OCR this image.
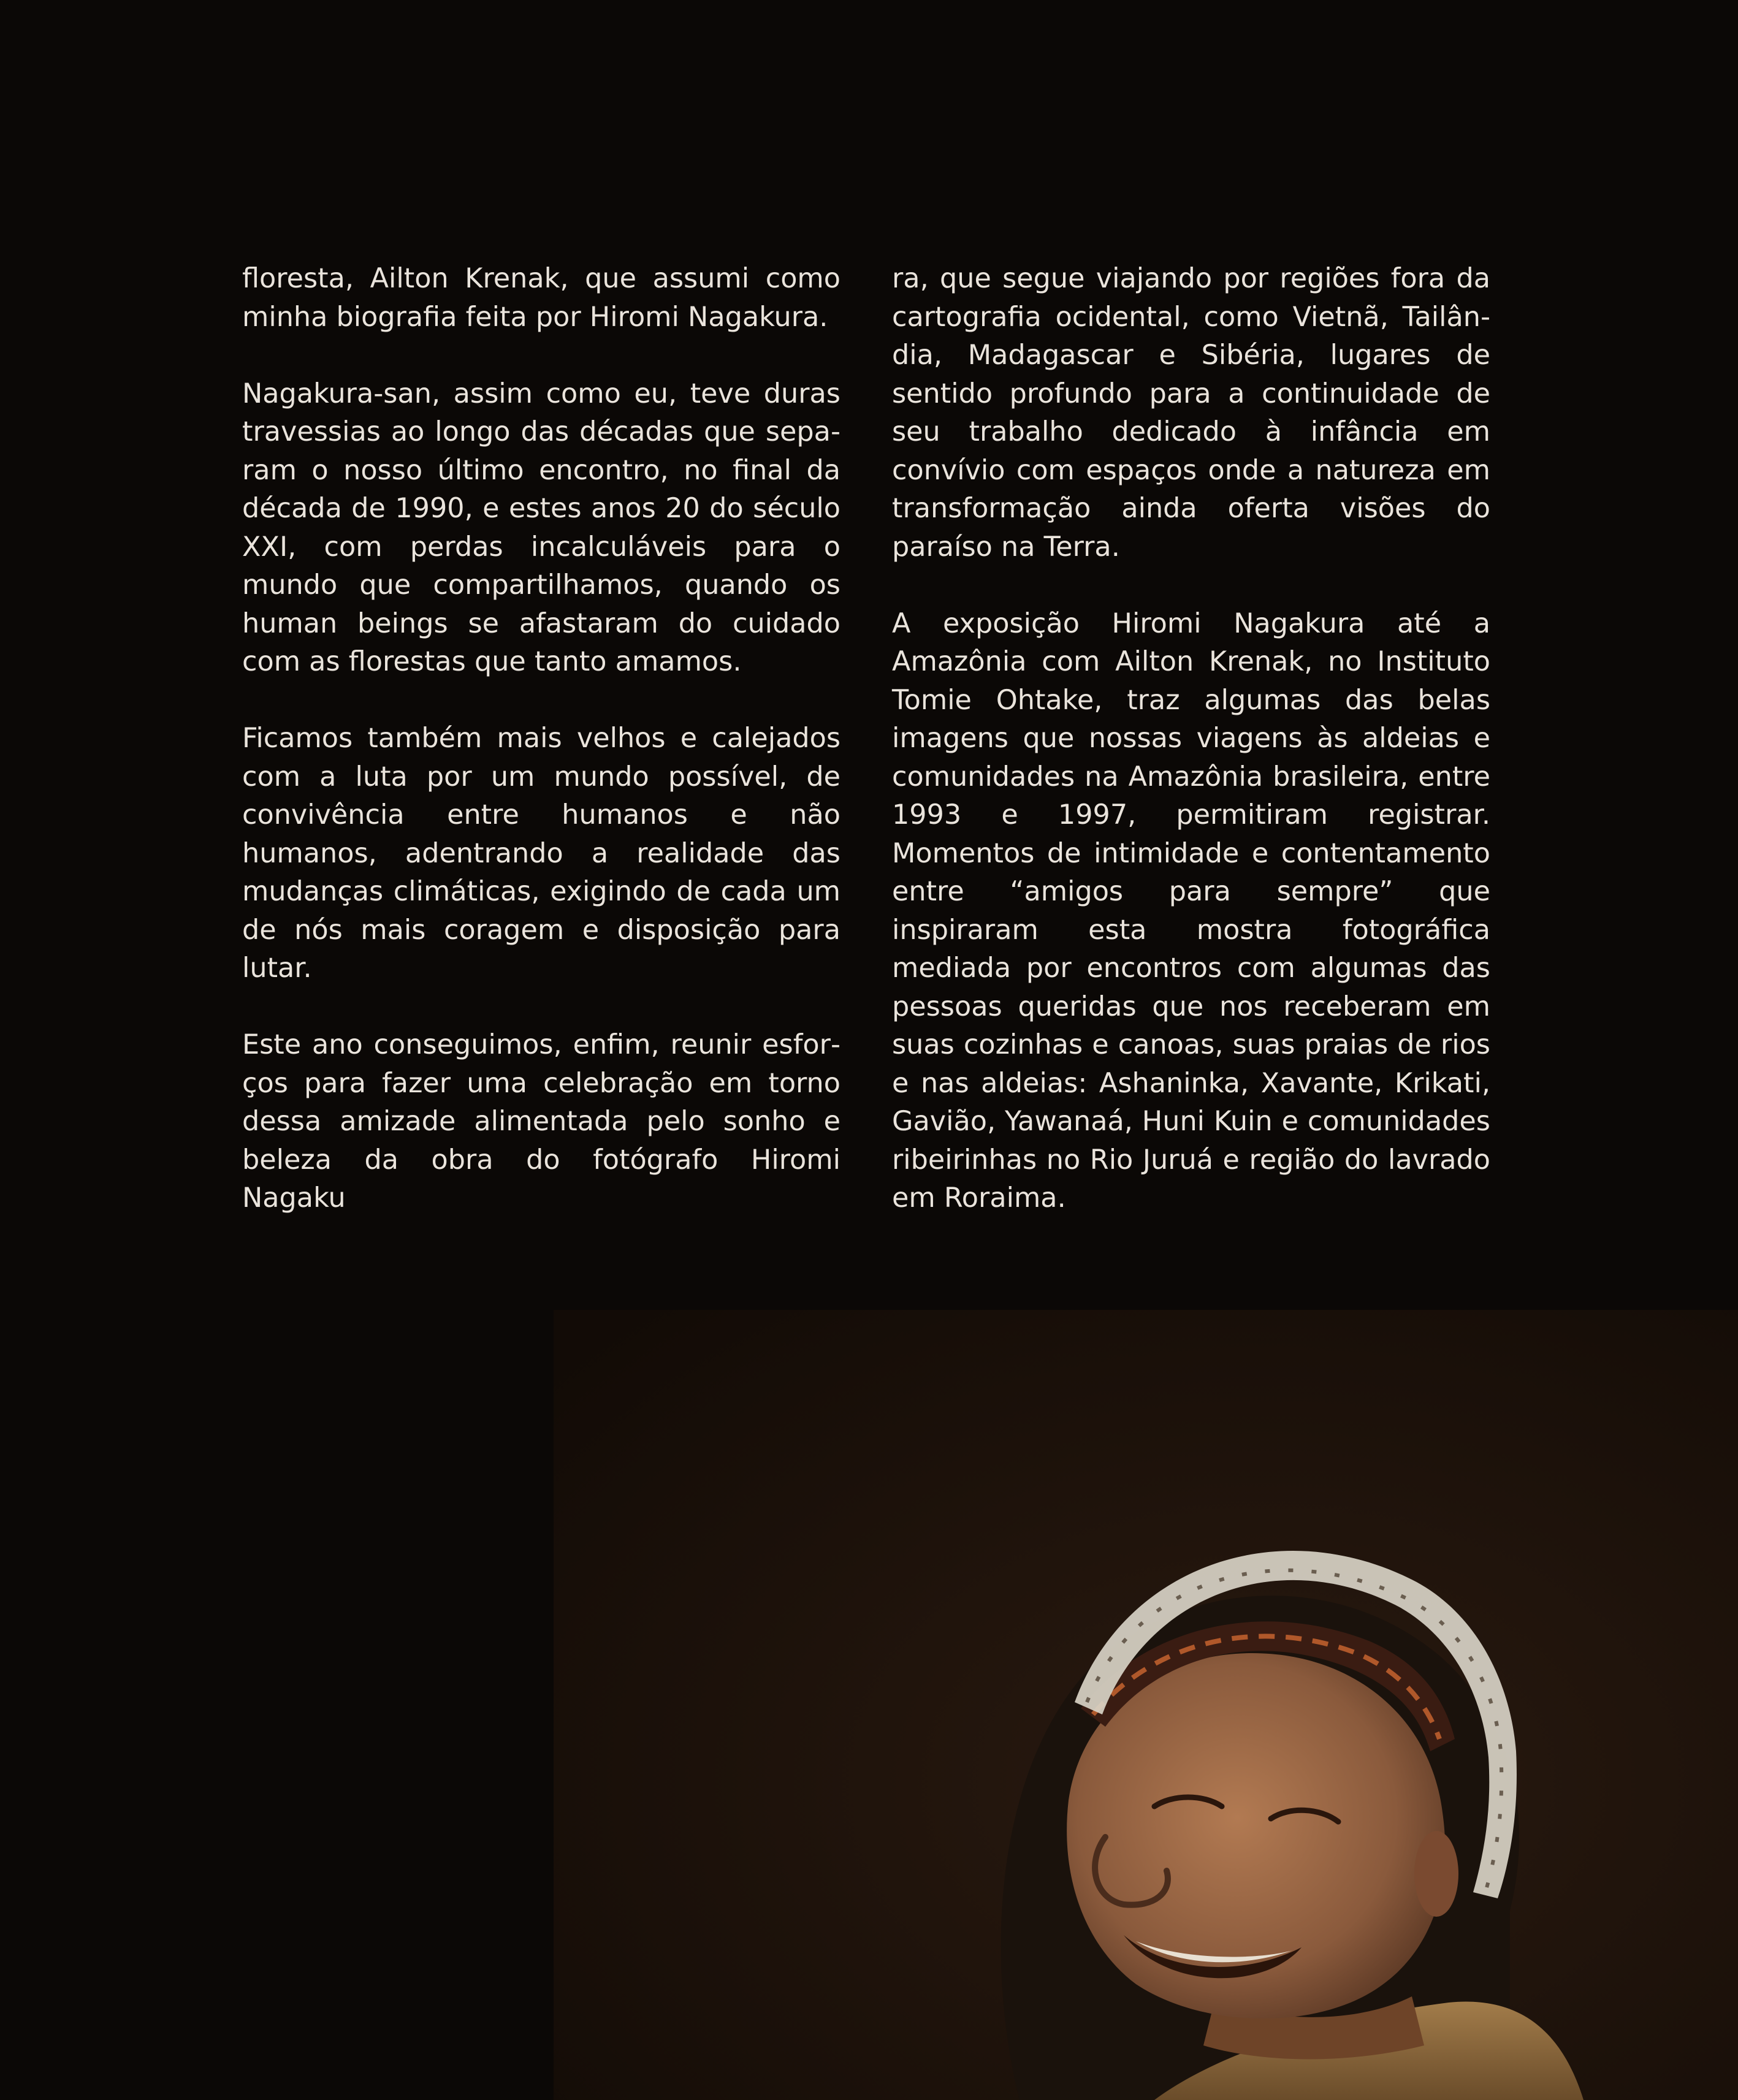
floresta, Ailton Krenak, que assumi como minha biografia feita por Hiromi Nagakura.

Nagakura-san, assim como eu, teve duras travessias ao longo das décadas que separam o nosso último encontro, no final da década de 1990, e estes anos 20 do século XXI, com perdas incalculáveis para o mundo que compartilhamos, quando os human beings se afastaram do cuidado com as florestas que tanto amamos.

Ficamos também mais velhos e calejados com a luta por um mundo possível, de convivência entre humanos e não humanos, adentrando a realidade das mudanças climáticas, exigindo de cada um de nós mais coragem e disposição para lutar.

Este ano conseguimos, enfim, reunir esforços para fazer uma celebração em torno dessa amizade alimentada pelo sonho e beleza da obra do fotógrafo Hiromi Nagaku

ra, que segue viajando por regiões fora da cartografia ocidental, como Vietnã, Tailândia, Madagascar e Sibéria, lugares de sentido profundo para a continuidade de seu trabalho dedicado à infância em convívio com espaços onde a natureza em transformação ainda oferta visões do paraíso na Terra.

A exposição Hiromi Nagakura até a Amazônia com Ailton Krenak, no Instituto Tomie Ohtake, traz algumas das belas imagens que nossas viagens às aldeias e comunidades na Amazônia brasileira, entre 1993 e 1997, permitiram registrar. Momentos de intimidade e contentamento entre “amigos para sempre” que inspiraram esta mostra fotográfica mediada por encontros com algumas das pessoas queridas que nos receberam em suas cozinhas e canoas, suas praias de rios e nas aldeias: Ashaninka, Xavante, Krikati, Gavião, Yawanaá, Huni Kuin e comunidades ribeirinhas no Rio Juruá e região do lavrado em Roraima.
